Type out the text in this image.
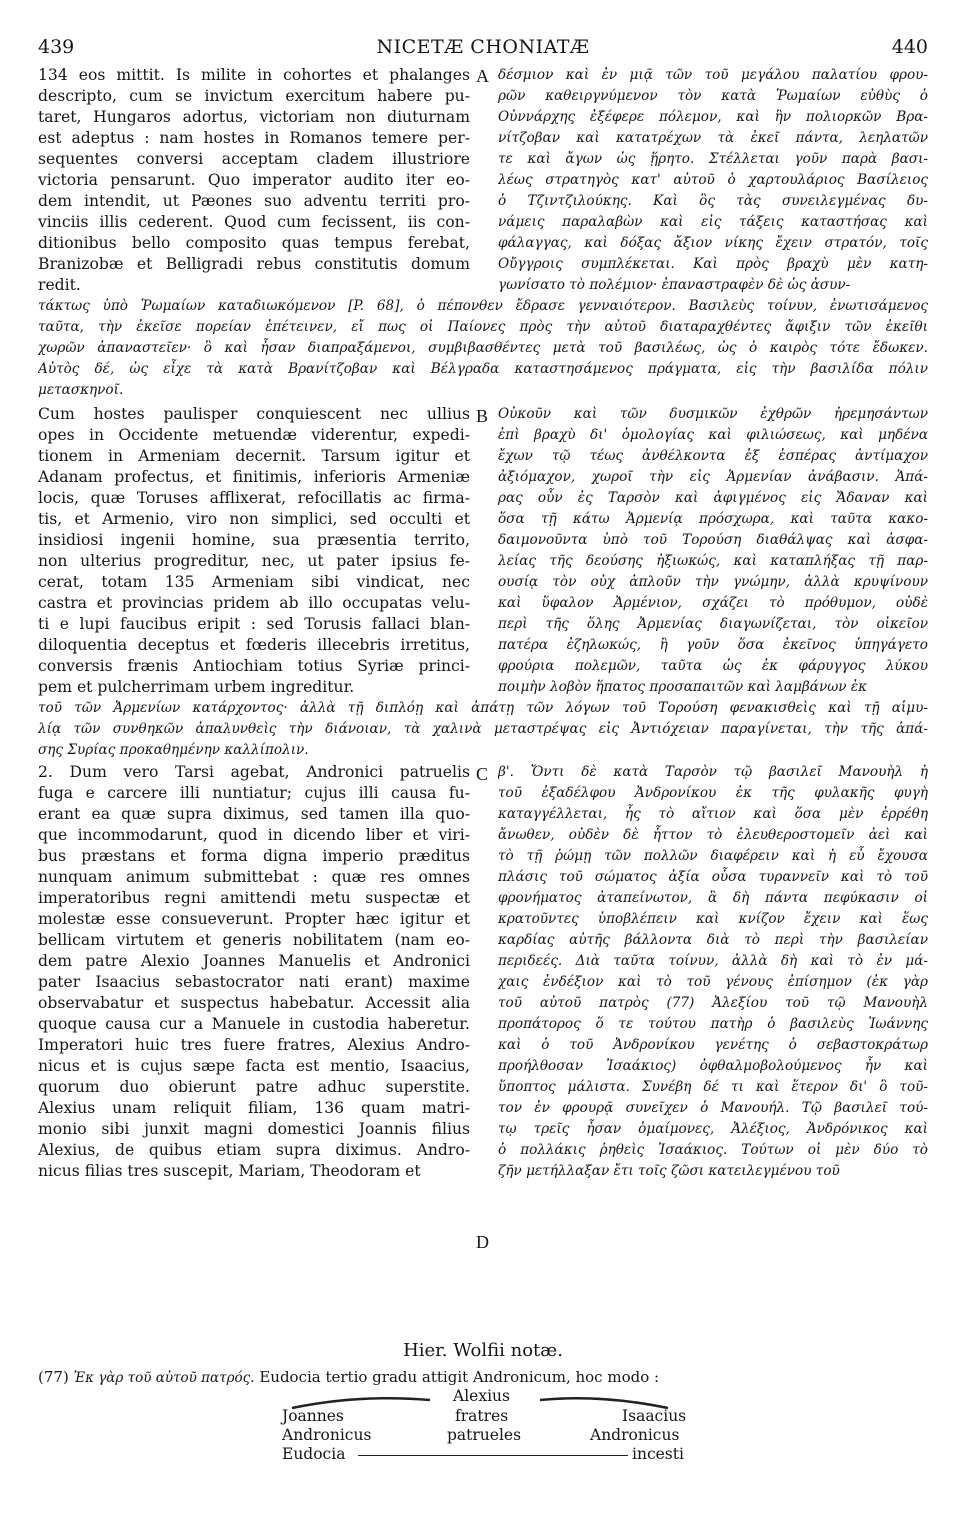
439	NICETÆ CHONIATÆ	440
134 eos mittit. Is milite in cohortes et phalanges
descripto, cum se invictum exercitum habere pu-
taret, Hungaros adortus, victoriam non diuturnam
est adeptus : nam hostes in Romanos temere per-
sequentes conversi acceptam cladem illustriore
victoria pensarunt. Quo imperator audito iter eo-
dem intendit, ut Pæones suo adventu territi pro-
vinciis illis cederent. Quod cum fecissent, iis con-
ditionibus bello composito quas tempus ferebat,
Branizobæ et Belligradi rebus constitutis domum
redit.
δέσμιον καὶ ἐν μιᾷ τῶν τοῦ μεγάλου παλατίου φρου-
ρῶν καθειργνύμενον τὸν κατὰ Ῥωμαίων εὐθὺς ὁ
Οὐννάρχης ἐξέφερε πόλεμον, καὶ ἣν πολιορκῶν Βρα-
νίτζοβαν καὶ κατατρέχων τὰ ἐκεῖ πάντα, λεηλατῶν
τε καὶ ἄγων ὡς ᾕρητο. Στέλλεται γοῦν παρὰ βασι-
λέως στρατηγὸς κατ' αὐτοῦ ὁ χαρτουλάριος Βασίλειος
ὁ Τζιντζιλούκης. Καὶ ὃς τὰς συνειλεγμένας δυ-
νάμεις παραλαβὼν καὶ εἰς τάξεις καταστήσας καὶ
φάλαγγας, καὶ δόξας ἄξιον νίκης ἔχειν στρατόν, τοῖς
Οὔγγροις συμπλέκεται. Καὶ πρὸς βραχὺ μὲν κατη-
γωνίσατο τὸ πολέμιον· ἐπαναστραφὲν δὲ ὡς ἀσυν-
A
τάκτως ὑπὸ Ῥωμαίων καταδιωκόμενον [P. 68], ὁ πέπονθεν ἔδρασε γενναιότερον. Βασιλεὺς τοίνυν, ἐνωτισάμενος
ταῦτα, τὴν ἐκεῖσε πορείαν ἐπέτεινεν, εἴ πως οἱ Παίονες πρὸς τὴν αὐτοῦ διαταραχθέντες ἄφιξιν τῶν ἐκεῖθι
χωρῶν ἀπαναστεῖεν· ὃ καὶ ἦσαν διαπραξάμενοι, συμβιβασθέντες μετὰ τοῦ βασιλέως, ὡς ὁ καιρὸς τότε ἔδωκεν.
Αὐτὸς δέ, ὡς εἶχε τὰ κατὰ Βρανίτζοβαν καὶ Βέλγραδα καταστησάμενος πράγματα, εἰς τὴν βασιλίδα πόλιν
μετασκηνοῖ.
Cum hostes paulisper conquiescent nec ullius
opes in Occidente metuendæ viderentur, expedi-
tionem in Armeniam decernit. Tarsum igitur et
Adanam profectus, et finitimis, inferioris Armeniæ
locis, quæ Toruses afflixerat, refocillatis ac firma-
tis, et Armenio, viro non simplici, sed occulti et
insidiosi ingenii homine, sua præsentia territo,
non ulterius progreditur, nec, ut pater ipsius fe-
cerat, totam 135 Armeniam sibi vindicat, nec
castra et provincias pridem ab illo occupatas velu-
ti e lupi faucibus eripit : sed Torusis fallaci blan-
diloquentia deceptus et fœderis illecebris irretitus,
conversis frænis Antiochiam totius Syriæ princi-
pem et pulcherrimam urbem ingreditur.
Οὐκοῦν καὶ τῶν δυσμικῶν ἐχθρῶν ἠρεμησάντων
ἐπὶ βραχὺ δι' ὁμολογίας καὶ φιλιώσεως, καὶ μηδένα
ἔχων τῷ τέως ἀνθέλκοντα ἐξ ἑσπέρας ἀντίμαχον
ἀξιόμαχον, χωροῖ τὴν εἰς Ἀρμενίαν ἀνάβασιν. Ἁπά-
ρας οὖν ἐς Ταρσὸν καὶ ἀφιγμένος εἰς Ἄδαναν καὶ
ὅσα τῇ κάτω Ἀρμενίᾳ πρόσχωρα, καὶ ταῦτα κακο-
δαιμονοῦντα ὑπὸ τοῦ Τορούση διαθάλψας καὶ ἀσφα-
λείας τῆς δεούσης ἠξιωκώς, καὶ καταπλήξας τῇ παρ-
ουσίᾳ τὸν οὐχ ἁπλοῦν τὴν γνώμην, ἀλλὰ κρυψίνουν
καὶ ὕφαλον Ἀρμένιον, σχάζει τὸ πρόθυμον, οὐδὲ
περὶ τῆς ὅλης Ἀρμενίας διαγωνίζεται, τὸν οἰκεῖον
πατέρα ἐζηλωκώς, ἢ γοῦν ὅσα ἐκεῖνος ὑπηγάγετο
φρούρια πολεμῶν, ταῦτα ὡς ἐκ φάρυγγος λύκου
ποιμὴν λοβὸν ἥπατος προσαπαιτῶν καὶ λαμβάνων ἐκ
B
τοῦ τῶν Ἀρμενίων κατάρχοντος· ἀλλὰ τῇ διπλόῃ καὶ ἀπάτῃ τῶν λόγων τοῦ Τορούση φενακισθεὶς καὶ τῇ αἱμυ-
λίᾳ τῶν συνθηκῶν ἀπαλυνθεὶς τὴν διάνοιαν, τὰ χαλινὰ μεταστρέψας εἰς Ἀντιόχειαν παραγίνεται, τὴν τῆς ἁπά-
σης Συρίας προκαθημένην καλλίπολιν.
2. Dum vero Tarsi agebat, Andronici patruelis
fuga e carcere illi nuntiatur; cujus illi causa fu-
erant ea quæ supra diximus, sed tamen illa quo-
que incommodarunt, quod in dicendo liber et viri-
bus præstans et forma digna imperio præditus
nunquam animum submittebat : quæ res omnes
imperatoribus regni amittendi metu suspectæ et
molestæ esse consueverunt. Propter hæc igitur et
bellicam virtutem et generis nobilitatem (nam eo-
dem patre Alexio Joannes Manuelis et Andronici
pater Isaacius sebastocrator nati erant) maxime
observabatur et suspectus habebatur. Accessit alia
quoque causa cur a Manuele in custodia haberetur.
Imperatori huic tres fuere fratres, Alexius Andro-
nicus et is cujus sæpe facta est mentio, Isaacius,
quorum duo obierunt patre adhuc superstite.
Alexius unam reliquit filiam, 136 quam matri-
monio sibi junxit magni domestici Joannis filius
Alexius, de quibus etiam supra diximus. Andro-
nicus filias tres suscepit, Mariam, Theodoram et
β'. Ὄντι δὲ κατὰ Ταρσὸν τῷ βασιλεῖ Μανουὴλ ἡ
τοῦ ἐξαδέλφου Ἀνδρονίκου ἐκ τῆς φυλακῆς φυγὴ
καταγγέλλεται, ἧς τὸ αἴτιον καὶ ὅσα μὲν ἐρρέθη
ἄνωθεν, οὐδὲν δὲ ἧττον τὸ ἐλευθεροστομεῖν ἀεὶ καὶ
τὸ τῇ ῥώμῃ τῶν πολλῶν διαφέρειν καὶ ἡ εὖ ἔχουσα
πλάσις τοῦ σώματος ἀξία οὖσα τυραννεῖν καὶ τὸ τοῦ
φρονήματος ἀταπείνωτον, ἃ δὴ πάντα πεφύκασιν οἱ
κρατοῦντες ὑποβλέπειν καὶ κνίζον ἔχειν καὶ ἕως
καρδίας αὐτῆς βάλλοντα διὰ τὸ περὶ τὴν βασιλείαν
περιδεές. Διὰ ταῦτα τοίνυν, ἀλλὰ δὴ καὶ τὸ ἐν μά-
χαις ἐνδέξιον καὶ τὸ τοῦ γένους ἐπίσημον (ἐκ γὰρ
τοῦ αὐτοῦ πατρὸς (77) Ἀλεξίου τοῦ τῷ Μανουὴλ
προπάτορος ὅ τε τούτου πατὴρ ὁ βασιλεὺς Ἰωάννης
καὶ ὁ τοῦ Ἀνδρονίκου γενέτης ὁ σεβαστοκράτωρ
προήλθοσαν Ἰσαάκιος) ὀφθαλμοβολούμενος ἦν καὶ
ὕποπτος μάλιστα. Συνέβη δέ τι καὶ ἕτερον δι' ὃ τοῦ-
τον ἐν φρουρᾷ συνεῖχεν ὁ Μανουήλ. Τῷ βασιλεῖ τού-
τῳ τρεῖς ἦσαν ὁμαίμονες, Ἀλέξιος, Ἀνδρόνικος καὶ
ὁ πολλάκις ῥηθεὶς Ἰσαάκιος. Τούτων οἱ μὲν δύο τὸ
ζῆν μετήλλαξαν ἔτι τοῖς ζῶσι κατειλεγμένου τοῦ
C
D
Hier. Wolfii notæ.
(77) Ἐκ γὰρ τοῦ αὐτοῦ πατρός. Eudocia tertio gradu attigit Andronicum, hoc modo :
Alexius
Joannes	fratres	Isaacius
Andronicus	patrueles	Andronicus
Eudocia	incesti
